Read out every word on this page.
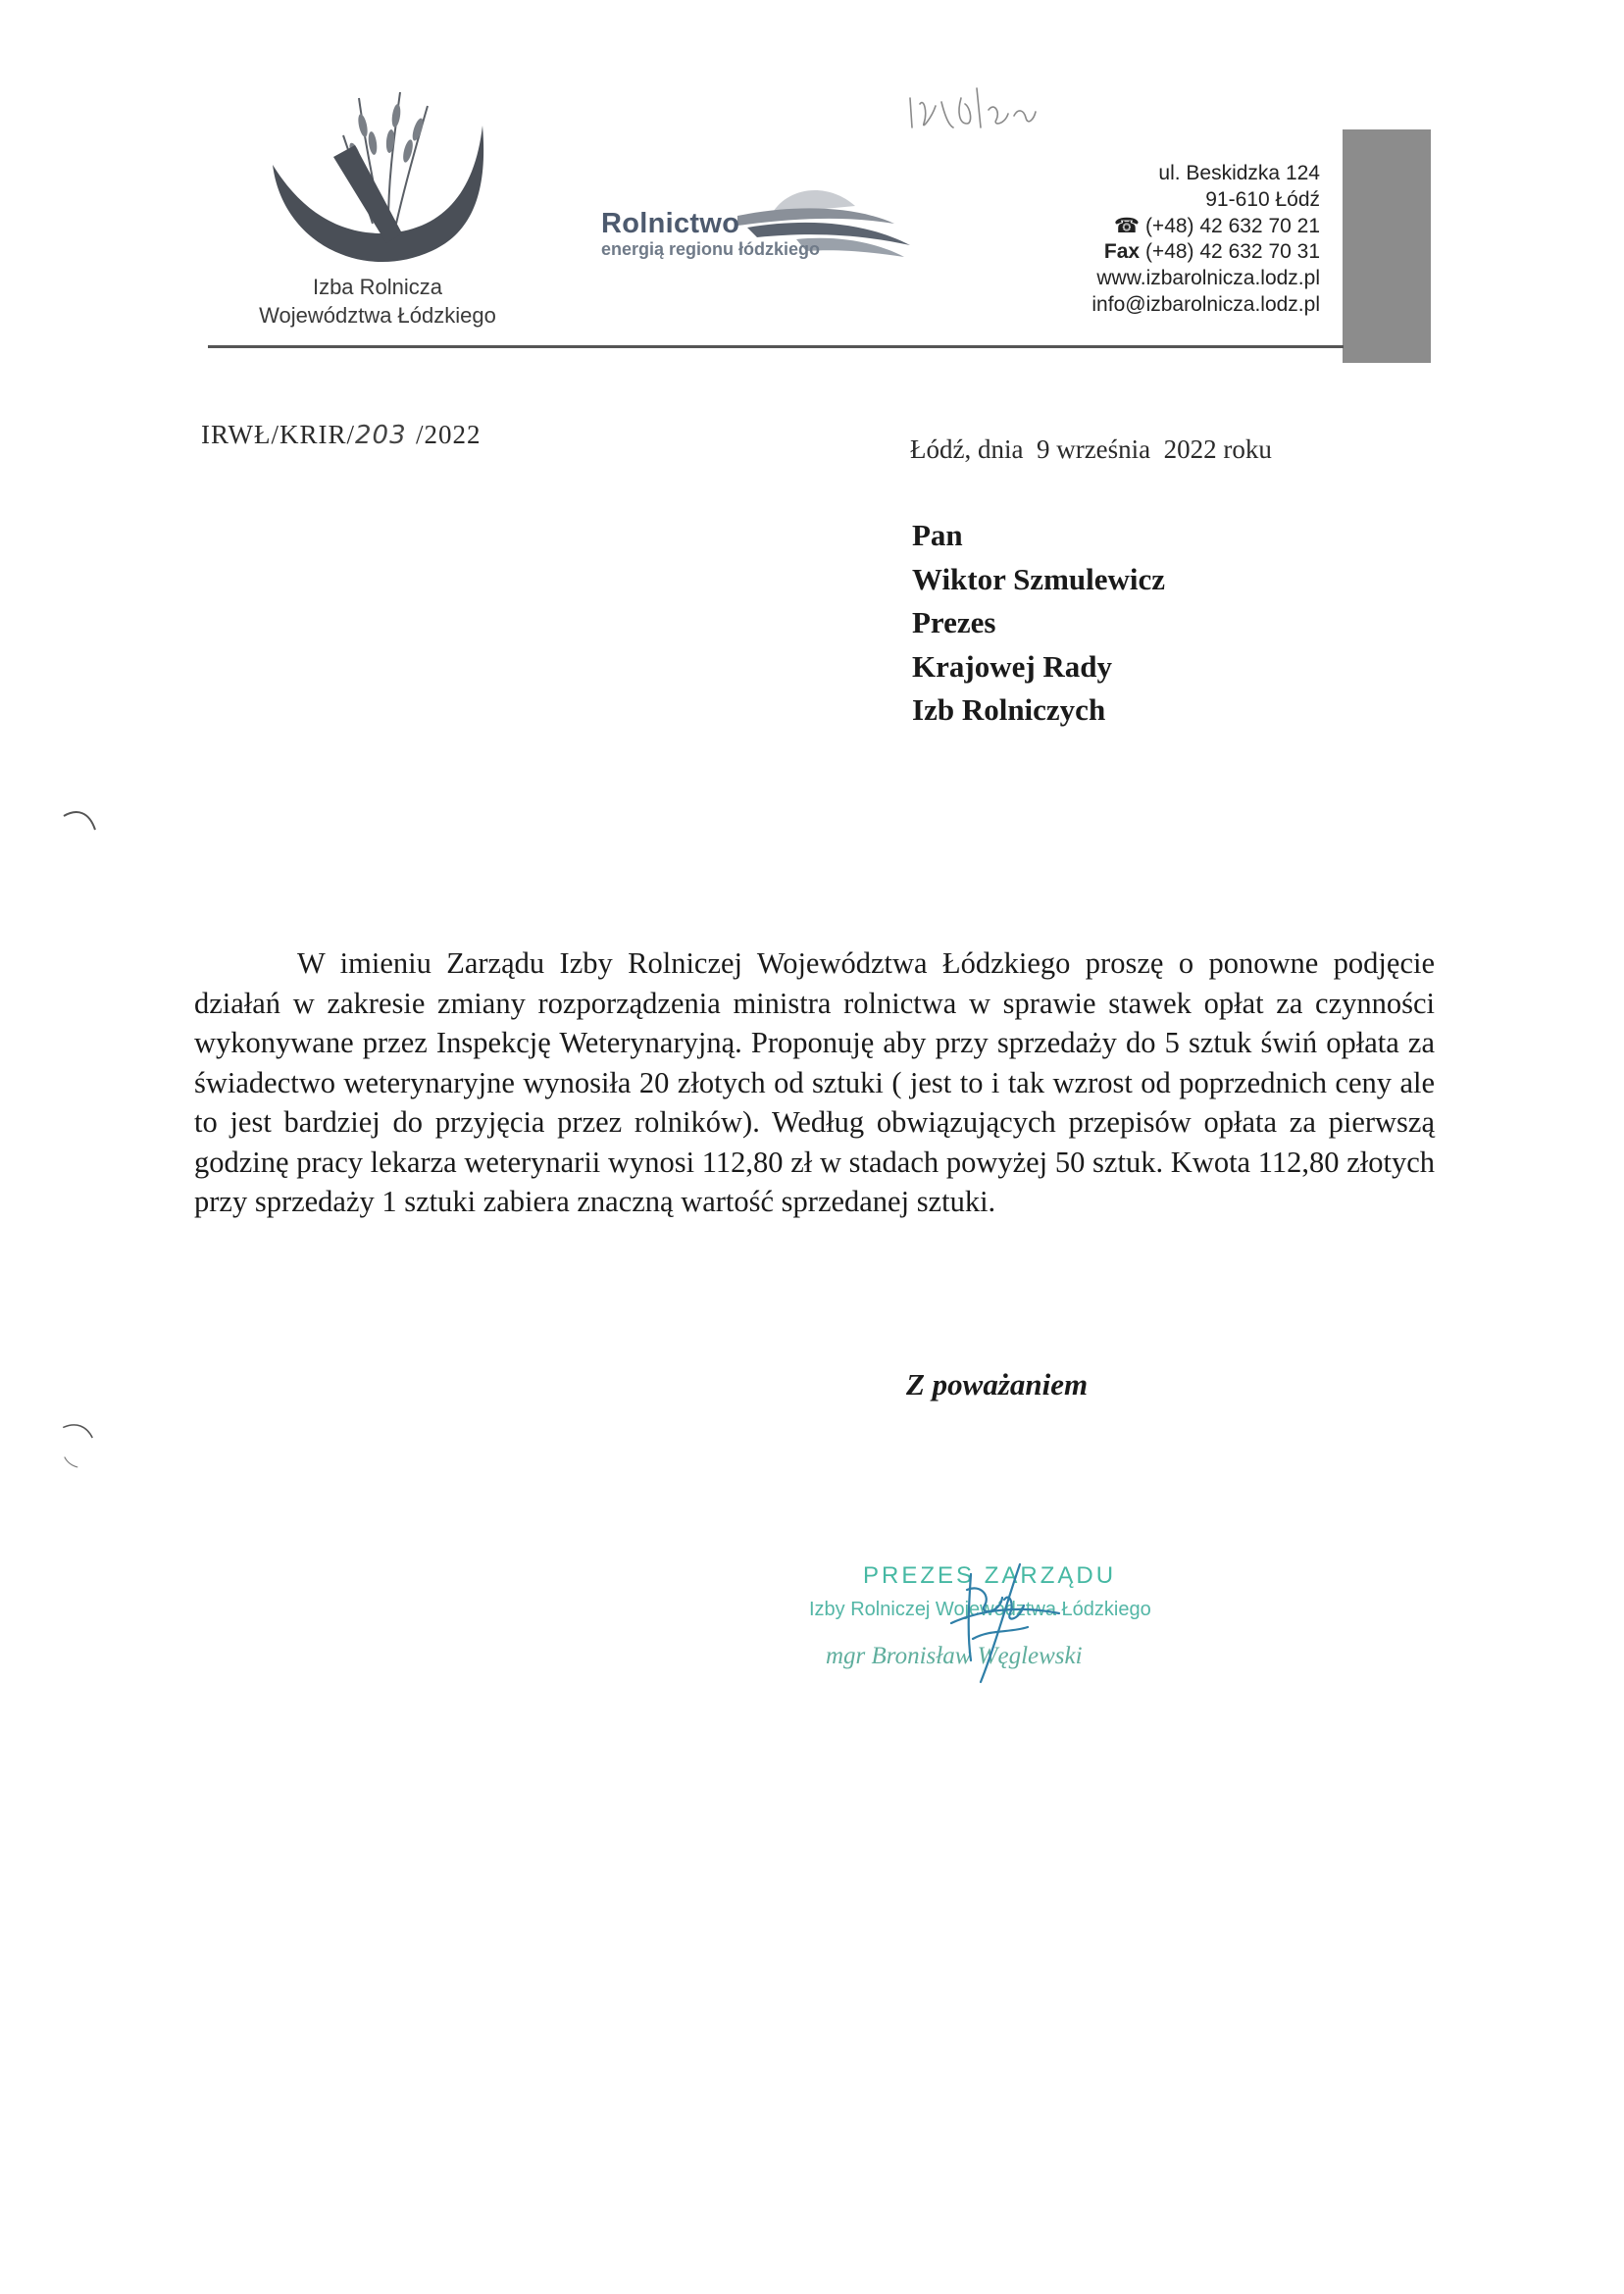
Izba Rolnicza
Województwa Łódzkiego
Rolnictwo
energią regionu łódzkiego
Wyjaśnić
ul. Beskidzka 124
91-610 Łódź
☎ (+48) 42 632 70 21
Fax (+48) 42 632 70 31
www.izbarolnicza.lodz.pl
info@izbarolnicza.lodz.pl
IRWŁ/KRIR/203 /2022	Łódź, dnia  9 września  2022 roku
Pan
Wiktor Szmulewicz
Prezes
Krajowej Rady
Izb Rolniczych
W imieniu Zarządu Izby Rolniczej Województwa Łódzkiego proszę o ponowne podjęcie działań w zakresie zmiany rozporządzenia ministra rolnictwa w sprawie stawek opłat za czynności wykonywane przez Inspekcję Weterynaryjną. Proponuję aby przy sprzedaży do 5 sztuk świń opłata za świadectwo weterynaryjne wynosiła 20 złotych od sztuki ( jest to i tak wzrost od poprzednich ceny ale to jest bardziej do przyjęcia przez rolników). Według obwiązujących przepisów opłata za pierwszą godzinę pracy lekarza weterynarii wynosi 112,80 zł w stadach powyżej 50 sztuk. Kwota 112,80 złotych przy sprzedaży 1 sztuki zabiera znaczną wartość sprzedanej sztuki.
Z poważaniem
PREZES ZARZĄDU
Izby Rolniczej Województwa Łódzkiego
mgr Bronisław Węglewski
